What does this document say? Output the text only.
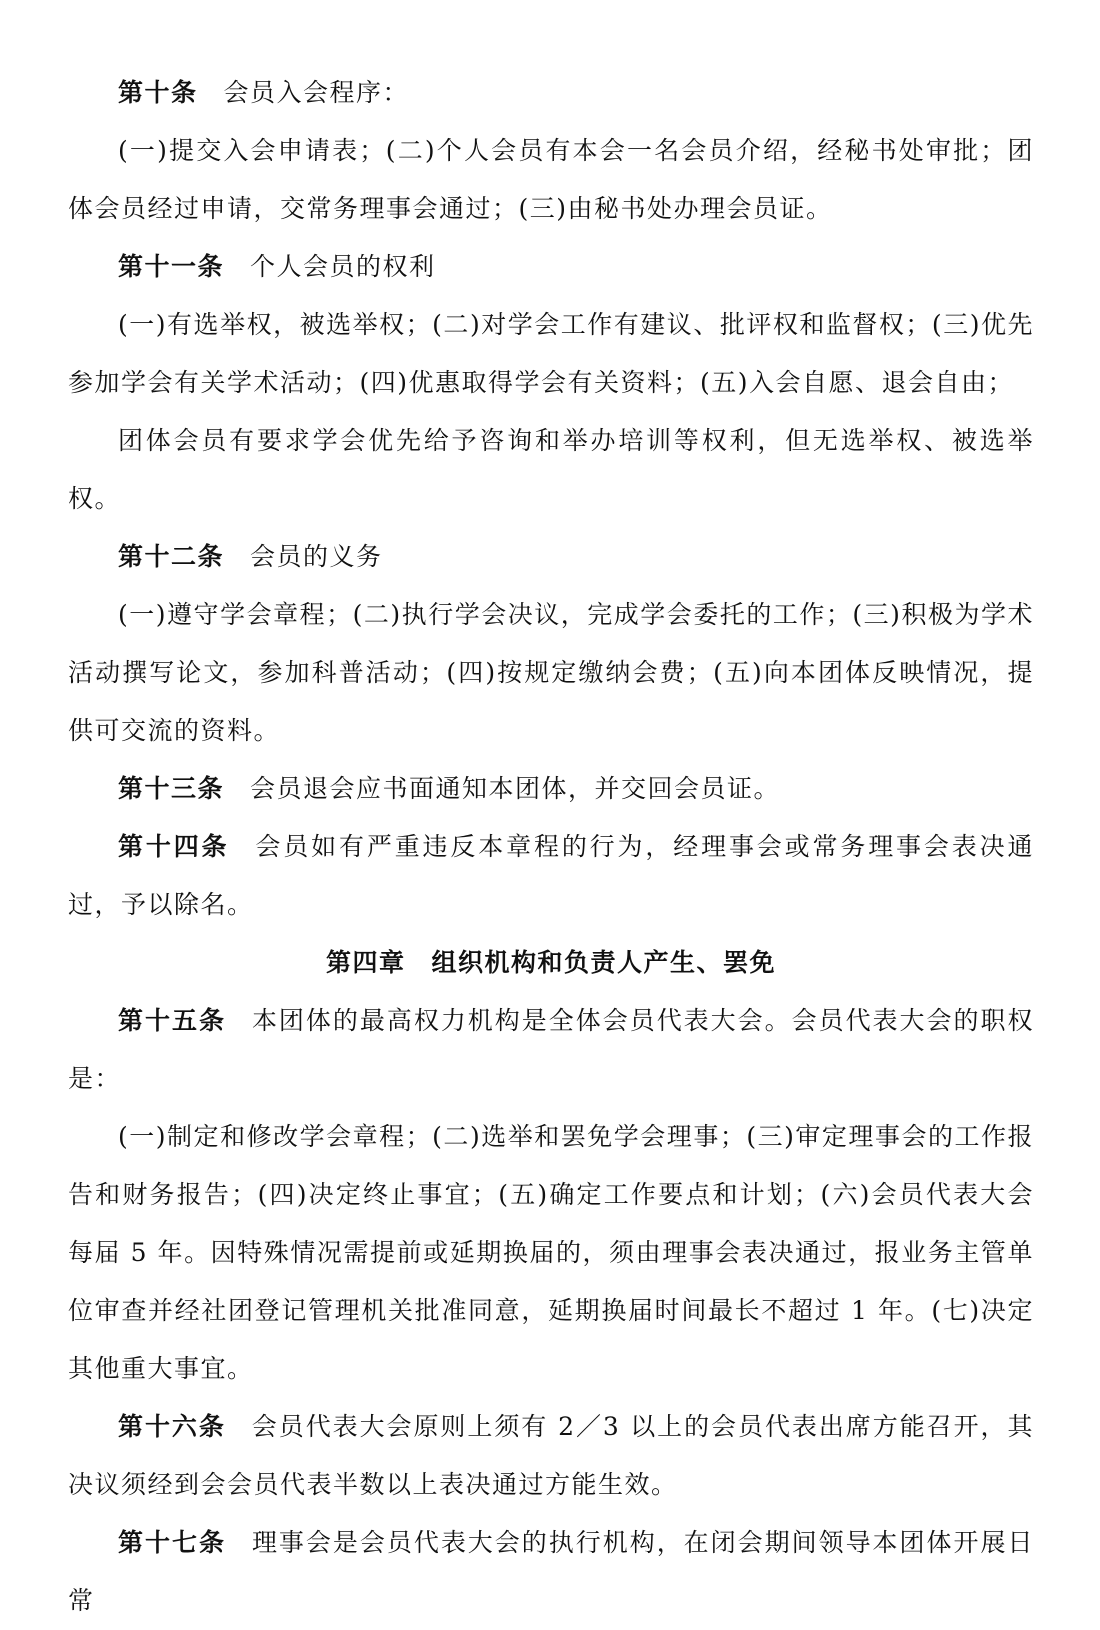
第十条 会员入会程序：

(一)提交入会申请表；(二)个人会员有本会一名会员介绍，经秘书处审批；团体会员经过申请，交常务理事会通过；(三)由秘书处办理会员证。

第十一条 个人会员的权利

(一)有选举权，被选举权；(二)对学会工作有建议、批评权和监督权；(三)优先参加学会有关学术活动；(四)优惠取得学会有关资料；(五)入会自愿、退会自由；

团体会员有要求学会优先给予咨询和举办培训等权利，但无选举权、被选举权。

第十二条 会员的义务

(一)遵守学会章程；(二)执行学会决议，完成学会委托的工作；(三)积极为学术活动撰写论文，参加科普活动；(四)按规定缴纳会费；(五)向本团体反映情况，提供可交流的资料。

第十三条 会员退会应书面通知本团体，并交回会员证。

第十四条 会员如有严重违反本章程的行为，经理事会或常务理事会表决通过，予以除名。

第四章 组织机构和负责人产生、罢免

第十五条 本团体的最高权力机构是全体会员代表大会。会员代表大会的职权是：

(一)制定和修改学会章程；(二)选举和罢免学会理事；(三)审定理事会的工作报告和财务报告；(四)决定终止事宜；(五)确定工作要点和计划；(六)会员代表大会每届 5 年。因特殊情况需提前或延期换届的，须由理事会表决通过，报业务主管单位审查并经社团登记管理机关批准同意，延期换届时间最长不超过 1 年。(七)决定其他重大事宜。

第十六条 会员代表大会原则上须有 2／3 以上的会员代表出席方能召开，其决议须经到会会员代表半数以上表决通过方能生效。

第十七条 理事会是会员代表大会的执行机构，在闭会期间领导本团体开展日常
